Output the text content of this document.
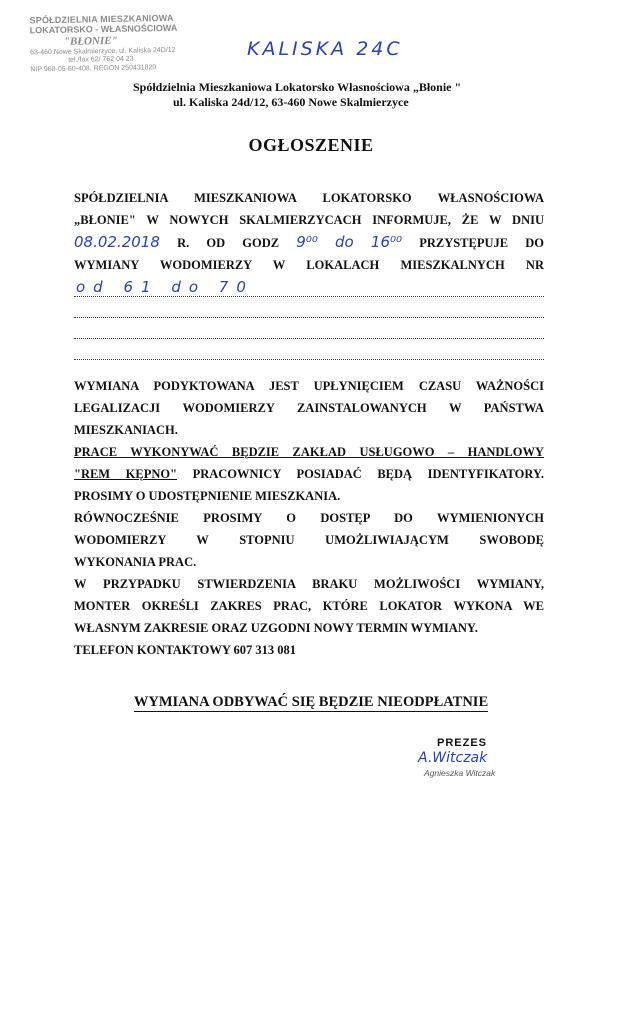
SPÓŁDZIELNIA MIESZKANIOWA
LOKATORSKO - WŁASNOŚCIOWA
"BŁONIE"
63-460 Nowe Skalmierzyce, ul. Kaliska 24D/12
tel./fax 62/ 762 04 23
NIP 968-05-60-408, REGON 250431820
KALISKA 24C
Spółdzielnia Mieszkaniowa Lokatorsko Własnościowa „Błonie "
ul. Kaliska 24d/12, 63-460 Nowe Skalmierzyce
OGŁOSZENIE
SPÓŁDZIELNIA MIESZKANIOWA LOKATORSKO WŁASNOŚCIOWA
„BŁONIE" W NOWYCH SKALMIERZYCACH INFORMUJE, ŻE W DNIU
08.02.2018 R. OD GODZ 9⁰⁰ do 16⁰⁰ PRZYSTĘPUJE DO
WYMIANY WODOMIERZY W LOKALACH MIESZKALNYCH NR
od 61 do 70
WYMIANA PODYKTOWANA JEST UPŁYNIĘCIEM CZASU WAŻNOŚCI
LEGALIZACJI WODOMIERZY ZAINSTALOWANYCH W PAŃSTWA
MIESZKANIACH.
PRACE WYKONYWAĆ BĘDZIE ZAKŁAD USŁUGOWO – HANDLOWY
"REM KĘPNO" PRACOWNICY POSIADAĆ BĘDĄ IDENTYFIKATORY.
PROSIMY O UDOSTĘPNIENIE MIESZKANIA.
RÓWNOCZEŚNIE PROSIMY O DOSTĘP DO WYMIENIONYCH
WODOMIERZY W STOPNIU UMOŻLIWIAJĄCYM SWOBODĘ
WYKONANIA PRAC.
W PRZYPADKU STWIERDZENIA BRAKU MOŻLIWOŚCI WYMIANY,
MONTER OKREŚLI ZAKRES PRAC, KTÓRE LOKATOR WYKONA WE
WŁASNYM ZAKRESIE ORAZ UZGODNI NOWY TERMIN WYMIANY.
TELEFON KONTAKTOWY 607 313 081
WYMIANA ODBYWAĆ SIĘ BĘDZIE NIEODPŁATNIE
PREZES
A.Witczak
Agnieszka Witczak
